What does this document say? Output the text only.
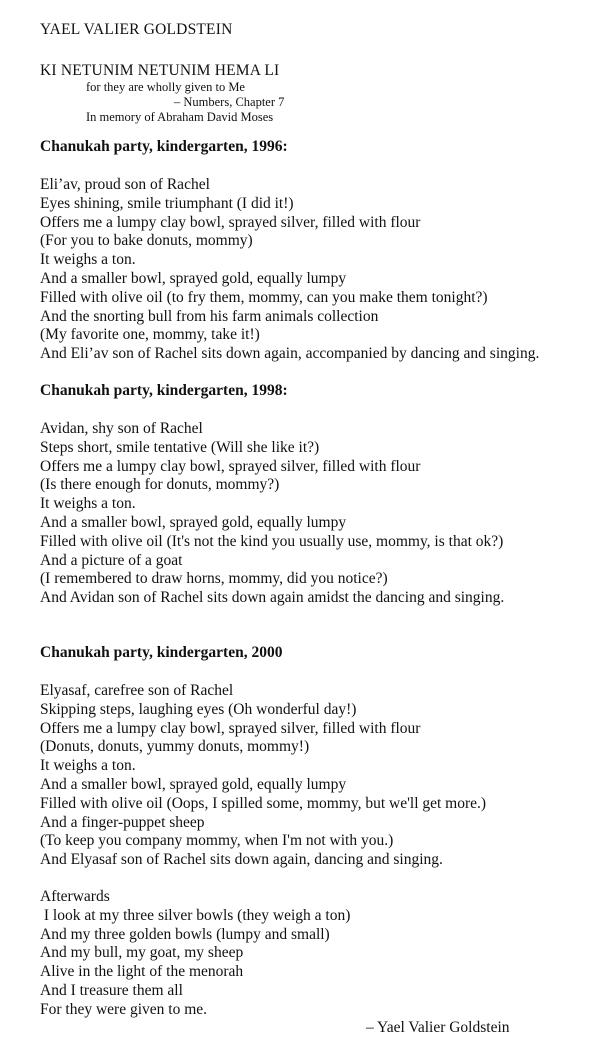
YAEL VALIER GOLDSTEIN
KI NETUNIM NETUNIM HEMA LI
for they are wholly given to Me
– Numbers, Chapter 7
In memory of Abraham David Moses
Chanukah party, kindergarten, 1996:
Eli’av, proud son of Rachel
Eyes shining, smile triumphant (I did it!)
Offers me a lumpy clay bowl, sprayed silver, filled with flour
(For you to bake donuts, mommy)
It weighs a ton.
And a smaller bowl, sprayed gold, equally lumpy
Filled with olive oil (to fry them, mommy, can you make them tonight?)
And the snorting bull from his farm animals collection
(My favorite one, mommy, take it!)
And Eli’av son of Rachel sits down again, accompanied by dancing and singing.
Chanukah party, kindergarten, 1998:
Avidan, shy son of Rachel
Steps short, smile tentative (Will she like it?)
Offers me a lumpy clay bowl, sprayed silver, filled with flour
(Is there enough for donuts, mommy?)
It weighs a ton.
And a smaller bowl, sprayed gold, equally lumpy
Filled with olive oil (It's not the kind you usually use, mommy, is that ok?)
And a picture of a goat
(I remembered to draw horns, mommy, did you notice?)
And Avidan son of Rachel sits down again amidst the dancing and singing.
Chanukah party, kindergarten, 2000
Elyasaf, carefree son of Rachel
Skipping steps, laughing eyes (Oh wonderful day!)
Offers me a lumpy clay bowl, sprayed silver, filled with flour
(Donuts, donuts, yummy donuts, mommy!)
It weighs a ton.
And a smaller bowl, sprayed gold, equally lumpy
Filled with olive oil (Oops, I spilled some, mommy, but we'll get more.)
And a finger-puppet sheep
(To keep you company mommy, when I'm not with you.)
And Elyasaf son of Rachel sits down again, dancing and singing.
Afterwards
I look at my three silver bowls (they weigh a ton)
And my three golden bowls (lumpy and small)
And my bull, my goat, my sheep
Alive in the light of the menorah
And I treasure them all
For they were given to me.
– Yael Valier Goldstein
